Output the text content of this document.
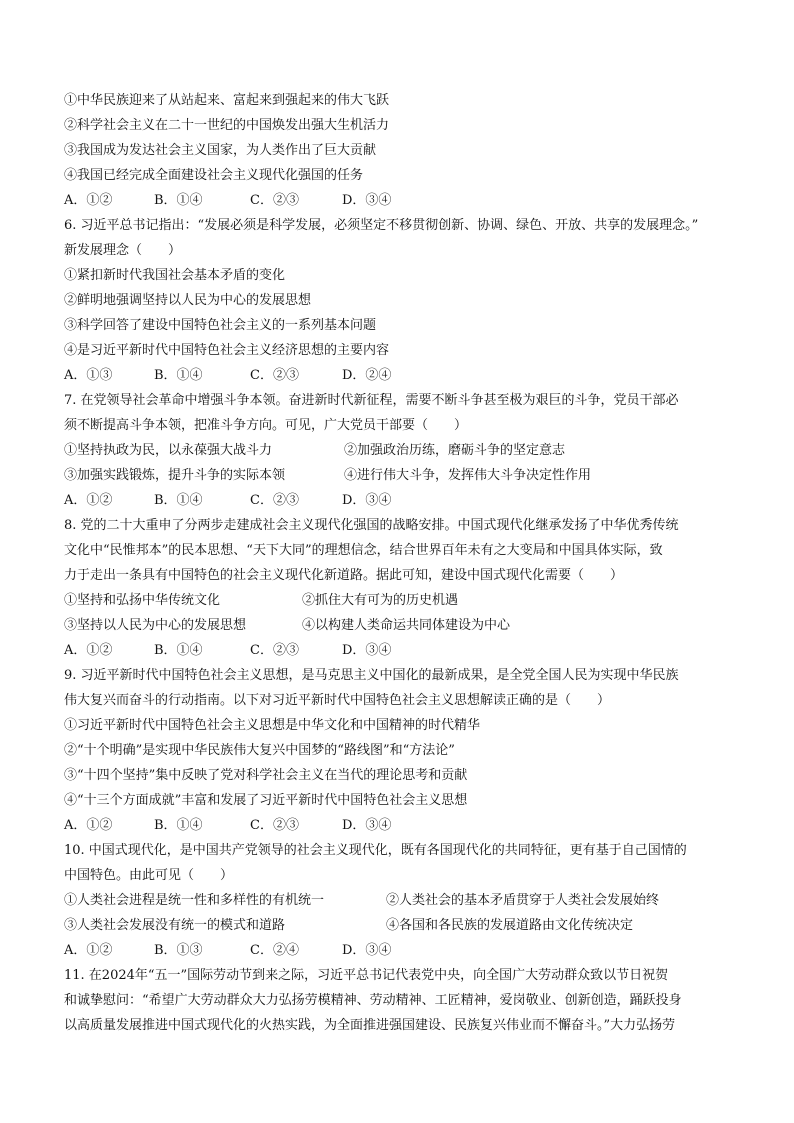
①中华民族迎来了从站起来、富起来到强起来的伟大飞跃
②科学社会主义在二十一世纪的中国焕发出强大生机活力
③我国成为发达社会主义国家，为人类作出了巨大贡献
④我国已经完成全面建设社会主义现代化强国的任务
A．①②	B．①④	C．②③	D．③④
6. 习近平总书记指出：“发展必须是科学发展，必须坚定不移贯彻创新、协调、绿色、开放、共享的发展理念。”
新发展理念（　　）
①紧扣新时代我国社会基本矛盾的变化
②鲜明地强调坚持以人民为中心的发展思想
③科学回答了建设中国特色社会主义的一系列基本问题
④是习近平新时代中国特色社会主义经济思想的主要内容
A．①③	B．①④	C．②③	D．②④
7. 在党领导社会革命中增强斗争本领。奋进新时代新征程，需要不断斗争甚至极为艰巨的斗争，党员干部必
须不断提高斗争本领，把准斗争方向。可见，广大党员干部要（　　）
①坚持执政为民，以永葆强大战斗力	②加强政治历练，磨砺斗争的坚定意志
③加强实践锻炼，提升斗争的实际本领	④进行伟大斗争，发挥伟大斗争决定性作用
A．①②	B．①④	C．②③	D．③④
8. 党的二十大重申了分两步走建成社会主义现代化强国的战略安排。中国式现代化继承发扬了中华优秀传统
文化中“民惟邦本”的民本思想、“天下大同”的理想信念，结合世界百年未有之大变局和中国具体实际，致
力于走出一条具有中国特色的社会主义现代化新道路。据此可知，建设中国式现代化需要（　　）
①坚持和弘扬中华传统文化	②抓住大有可为的历史机遇
③坚持以人民为中心的发展思想	④以构建人类命运共同体建设为中心
A．①②	B．①④	C．②③	D．③④
9. 习近平新时代中国特色社会主义思想，是马克思主义中国化的最新成果，是全党全国人民为实现中华民族
伟大复兴而奋斗的行动指南。以下对习近平新时代中国特色社会主义思想解读正确的是（　　）
①习近平新时代中国特色社会主义思想是中华文化和中国精神的时代精华
②“十个明确”是实现中华民族伟大复兴中国梦的“路线图”和“方法论”
③“十四个坚持”集中反映了党对科学社会主义在当代的理论思考和贡献
④“十三个方面成就”丰富和发展了习近平新时代中国特色社会主义思想
A．①②	B．①④	C．②③	D．③④
10. 中国式现代化，是中国共产党领导的社会主义现代化，既有各国现代化的共同特征，更有基于自己国情的
中国特色。由此可见（　　）
①人类社会进程是统一性和多样性的有机统一	②人类社会的基本矛盾贯穿于人类社会发展始终
③人类社会发展没有统一的模式和道路	④各国和各民族的发展道路由文化传统决定
A．①②	B．①③	C．②④	D．③④
11. 在2024年“五一”国际劳动节到来之际，习近平总书记代表党中央，向全国广大劳动群众致以节日祝贺
和诚挚慰问：“希望广大劳动群众大力弘扬劳模精神、劳动精神、工匠精神，爱岗敬业、创新创造，踊跃投身
以高质量发展推进中国式现代化的火热实践，为全面推进强国建设、民族复兴伟业而不懈奋斗。”大力弘扬劳
